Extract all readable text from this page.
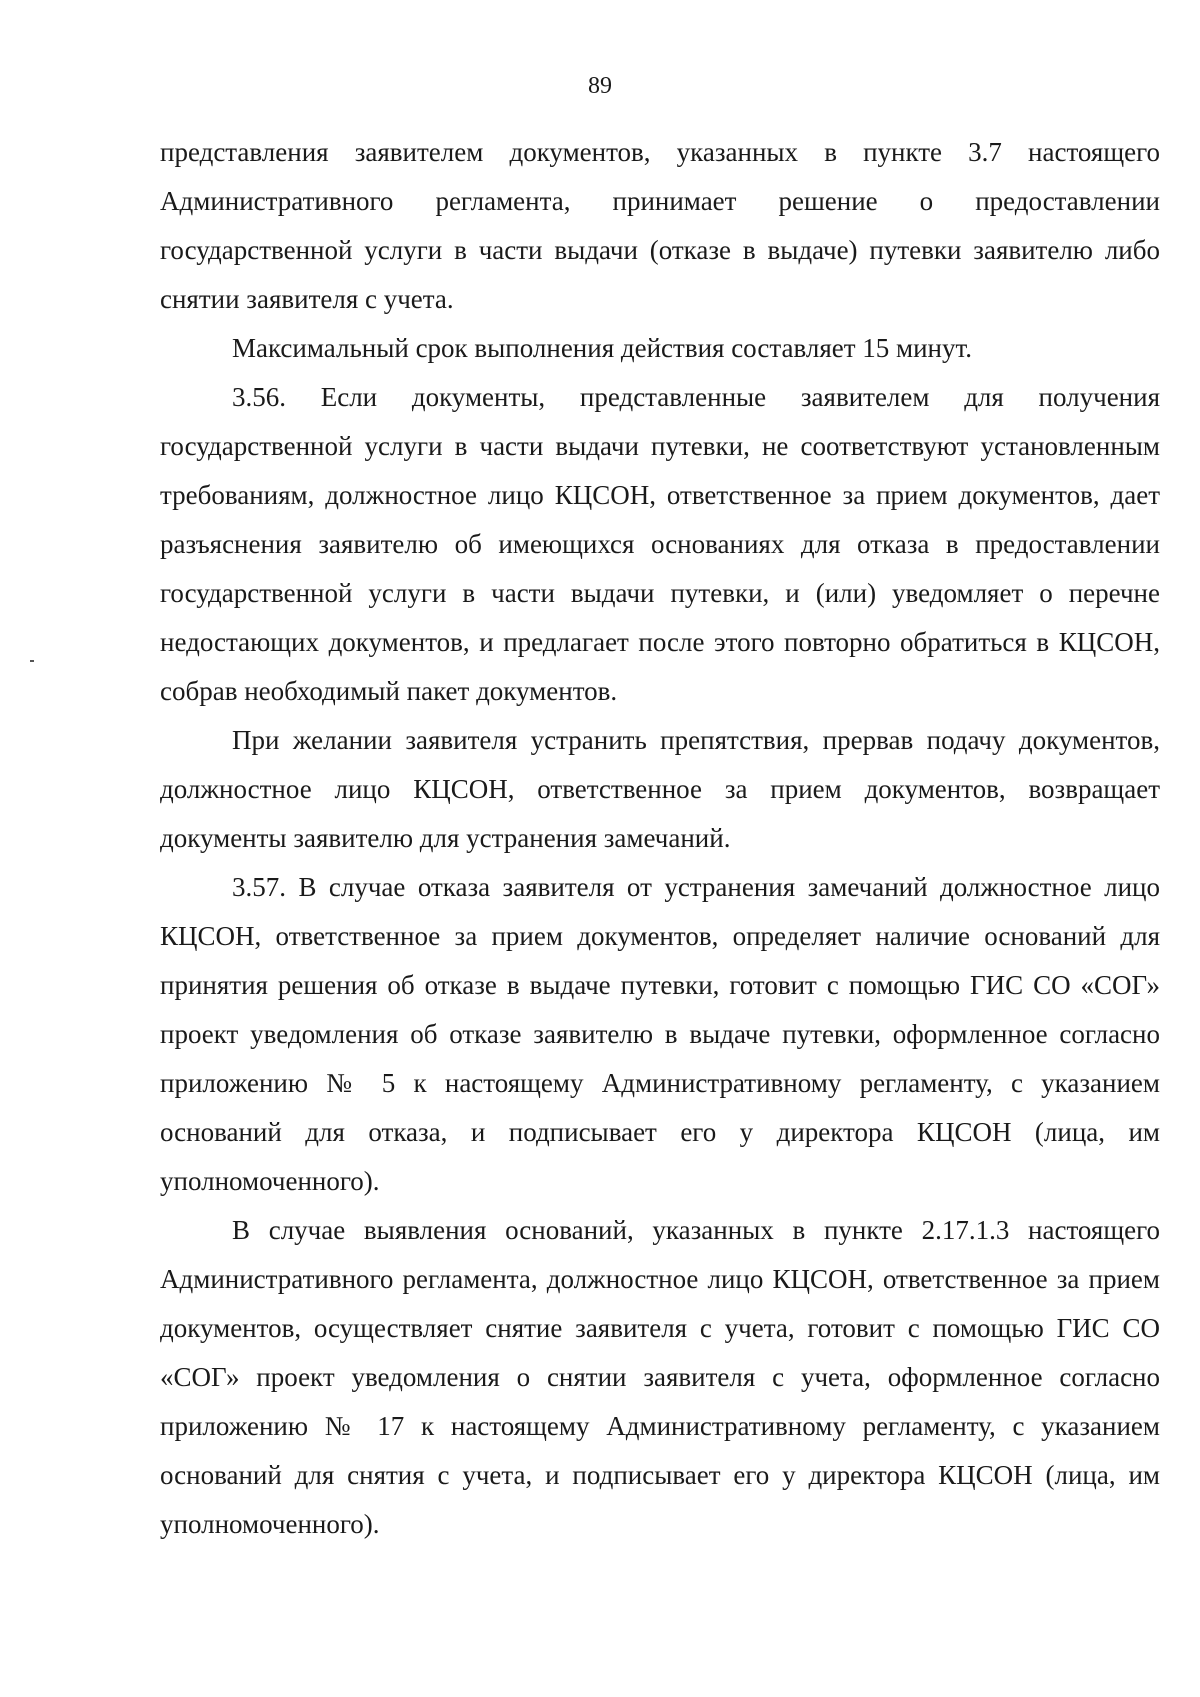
89

представления заявителем документов, указанных в пункте 3.7 настоящего Административного регламента, принимает решение о предоставлении государственной услуги в части выдачи (отказе в выдаче) путевки заявителю либо снятии заявителя с учета.

Максимальный срок выполнения действия составляет 15 минут.

3.56. Если документы, представленные заявителем для получения государственной услуги в части выдачи путевки, не соответствуют установленным требованиям, должностное лицо КЦСОН, ответственное за прием документов, дает разъяснения заявителю об имеющихся основаниях для отказа в предоставлении государственной услуги в части выдачи путевки, и (или) уведомляет о перечне недостающих документов, и предлагает после этого повторно обратиться в КЦСОН, собрав необходимый пакет документов.

При желании заявителя устранить препятствия, прервав подачу документов, должностное лицо КЦСОН, ответственное за прием документов, возвращает документы заявителю для устранения замечаний.

3.57. В случае отказа заявителя от устранения замечаний должностное лицо КЦСОН, ответственное за прием документов, определяет наличие оснований для принятия решения об отказе в выдаче путевки, готовит с помощью ГИС СО «СОГ» проект уведомления об отказе заявителю в выдаче путевки, оформленное согласно приложению № 5 к настоящему Административному регламенту, с указанием оснований для отказа, и подписывает его у директора КЦСОН (лица, им уполномоченного).

В случае выявления оснований, указанных в пункте 2.17.1.3 настоящего Административного регламента, должностное лицо КЦСОН, ответственное за прием документов, осуществляет снятие заявителя с учета, готовит с помощью ГИС СО «СОГ» проект уведомления о снятии заявителя с учета, оформленное согласно приложению № 17 к настоящему Административному регламенту, с указанием оснований для снятия с учета, и подписывает его у директора КЦСОН (лица, им уполномоченного).
